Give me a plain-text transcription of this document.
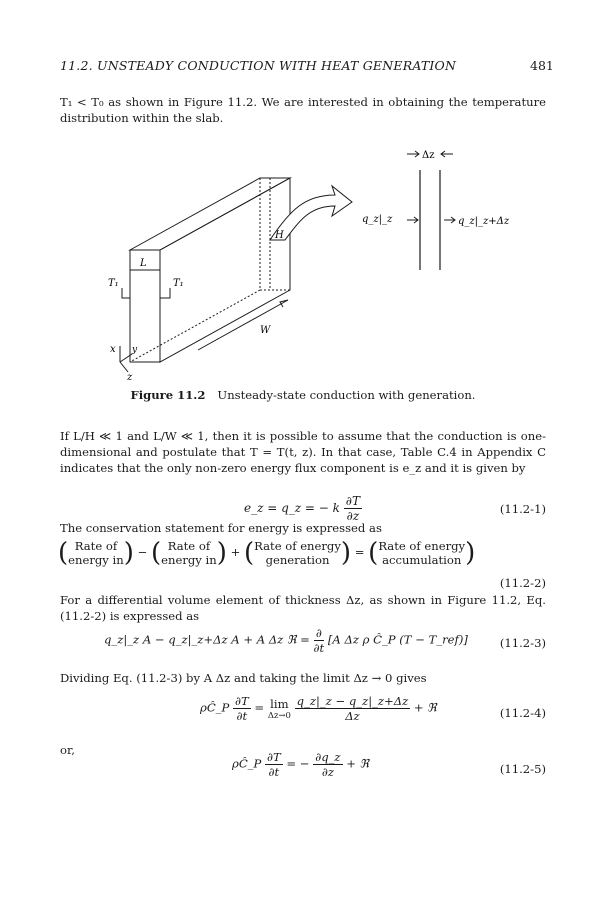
11.2. UNSTEADY CONDUCTION WITH HEAT GENERATION	481
T₁ < T₀ as shown in Figure 11.2. We are interested in obtaining the temperature distribution within the slab.
Δz
H
L
W
T₁	T₁
x y
z
q_z|_z	q_z|_z+Δz
Figure 11.2 Unsteady-state conduction with generation.
If L/H ≪ 1 and L/W ≪ 1, then it is possible to assume that the conduction is one-dimensional and postulate that T = T(t, z). In that case, Table C.4 in Appendix C indicates that the only non-zero energy flux component is e_z and it is given by
e_z = q_z = − k $\frac{\partial T}{\partial z}$	(11.2-1)
The conservation statement for energy is expressed as
( Rate of
energy in) − ( Rate of
energy in) + (Rate of energy
generation ) = (Rate of energy
accumulation )
(11.2-2)
For a differential volume element of thickness Δz, as shown in Figure 11.2, Eq. (11.2-2) is expressed as
q_z|_z A − q_z|_z+Δz A + A Δz ℜ = $\frac{\partial}{\partial t} [A$ Δz ρ Ĉ_P (T − T_ref)]	(11.2-3)
Dividing Eq. (11.2-3) by A Δz and taking the limit Δz → 0 gives
ρĈ_P $\frac{\partial T}{\partial t} = \lim$
Δz→0
$\frac{q\_z|\_z - q\_z|\_z+\Delta z}{\Delta z}$ + ℜ	(11.2-4)
or,
ρĈ_P $\frac{\partial T}{\partial t}$ = − $\frac{\partial q\_z}{\partial z}$ + ℜ	(11.2-5)
